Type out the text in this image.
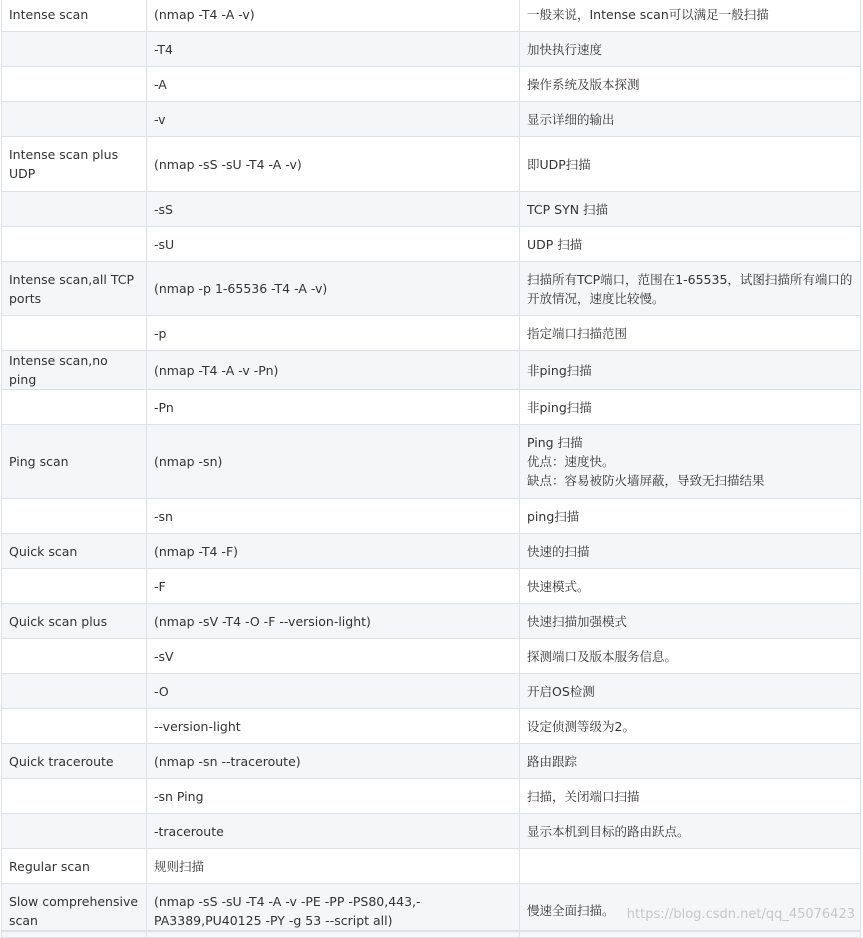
Intense scan	(nmap -T4 -A -v)	一般来说，Intense scan可以满足一般扫描
	-T4	加快执行速度
	-A	操作系统及版本探测
	-v	显示详细的输出
Intense scan plus UDP	(nmap -sS -sU -T4 -A -v)	即UDP扫描
	-sS	TCP SYN 扫描
	-sU	UDP 扫描
Intense scan,all TCP ports	(nmap -p 1-65536 -T4 -A -v)	扫描所有TCP端口，范围在1-65535，试图扫描所有端口的开放情况，速度比较慢。
	-p	指定端口扫描范围
Intense scan,no ping	(nmap -T4 -A -v -Pn)	非ping扫描
	-Pn	非ping扫描
Ping scan	(nmap -sn)	Ping 扫描
优点：速度快。
缺点：容易被防火墙屏蔽，导致无扫描结果
	-sn	ping扫描
Quick scan	(nmap -T4 -F)	快速的扫描
	-F	快速模式。
Quick scan plus	(nmap -sV -T4 -O -F --version-light)	快速扫描加强模式
	-sV	探测端口及版本服务信息。
	-O	开启OS检测
	--version-light	设定侦测等级为2。
Quick traceroute	(nmap -sn --traceroute)	路由跟踪
	-sn Ping	扫描，关闭端口扫描
	-traceroute	显示本机到目标的路由跃点。
Regular scan	规则扫描	
Slow comprehensive scan	(nmap -sS -sU -T4 -A -v -PE -PP -PS80,443,-PA3389,PU40125 -PY -g 53 --script all)	慢速全面扫描。 https://blog.csdn.net/qq_45076423
